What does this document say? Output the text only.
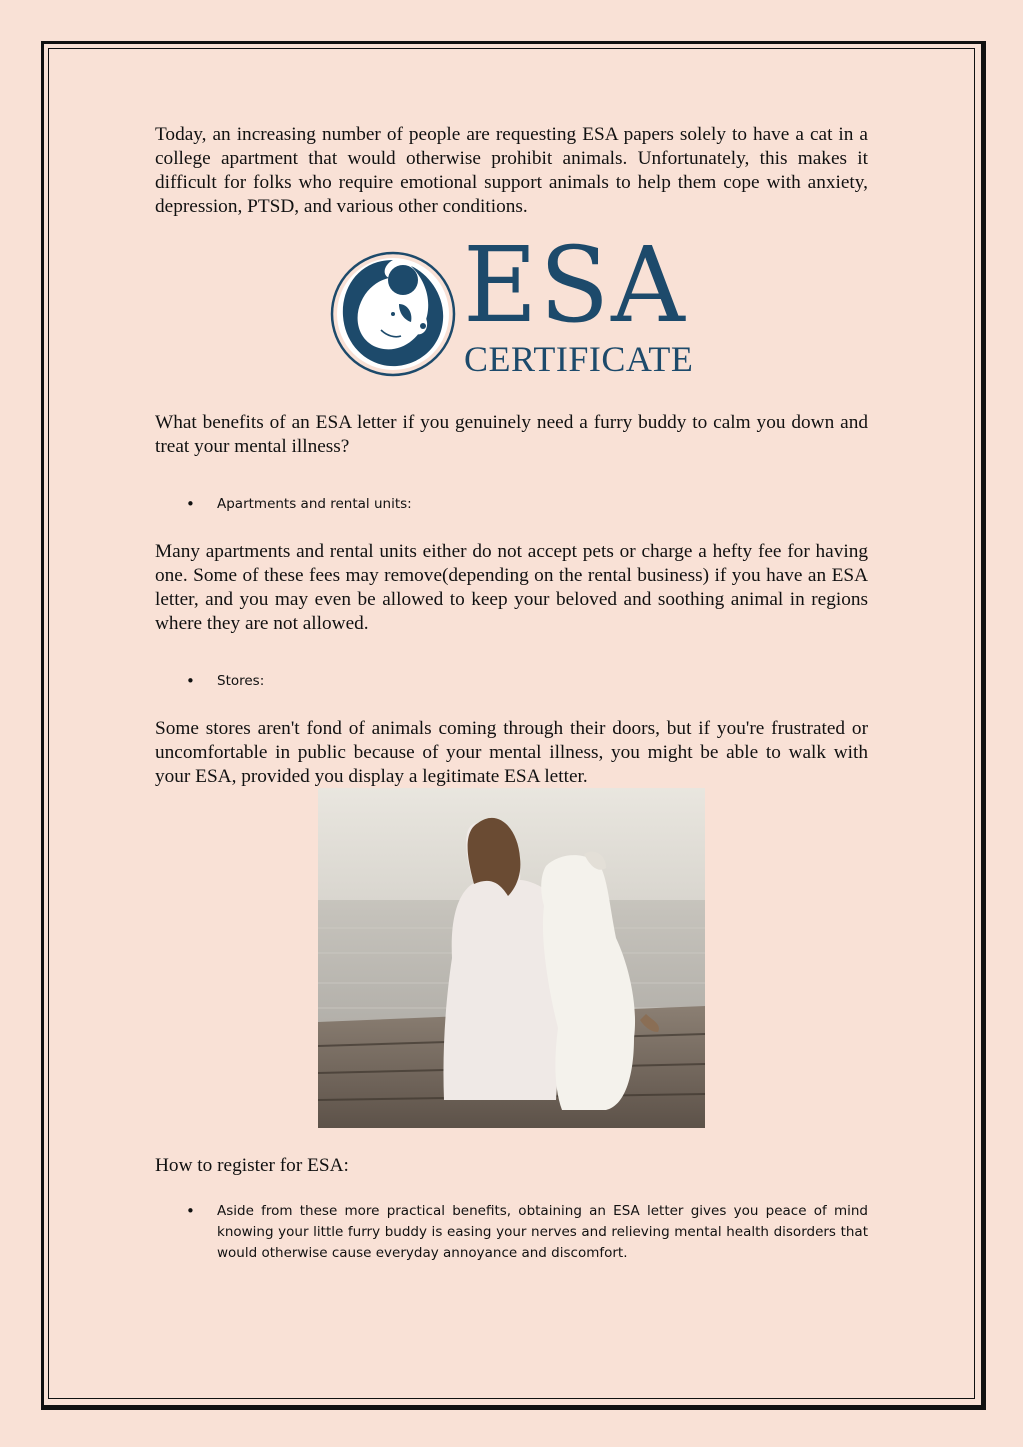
Today, an increasing number of people are requesting ESA papers solely to have a cat in a college apartment that would otherwise prohibit animals. Unfortunately, this makes it difficult for folks who require emotional support animals to help them cope with anxiety, depression, PTSD, and various other conditions.

ESA
CERTIFICATE

What benefits of an ESA letter if you genuinely need a furry buddy to calm you down and treat your mental illness?

• Apartments and rental units:

Many apartments and rental units either do not accept pets or charge a hefty fee for having one. Some of these fees may remove(depending on the rental business) if you have an ESA letter, and you may even be allowed to keep your beloved and soothing animal in regions where they are not allowed.

• Stores:

Some stores aren't fond of animals coming through their doors, but if you're frustrated or uncomfortable in public because of your mental illness, you might be able to walk with your ESA, provided you display a legitimate ESA letter.

How to register for ESA:

• Aside from these more practical benefits, obtaining an ESA letter gives you peace of mind knowing your little furry buddy is easing your nerves and relieving mental health disorders that would otherwise cause everyday annoyance and discomfort.
